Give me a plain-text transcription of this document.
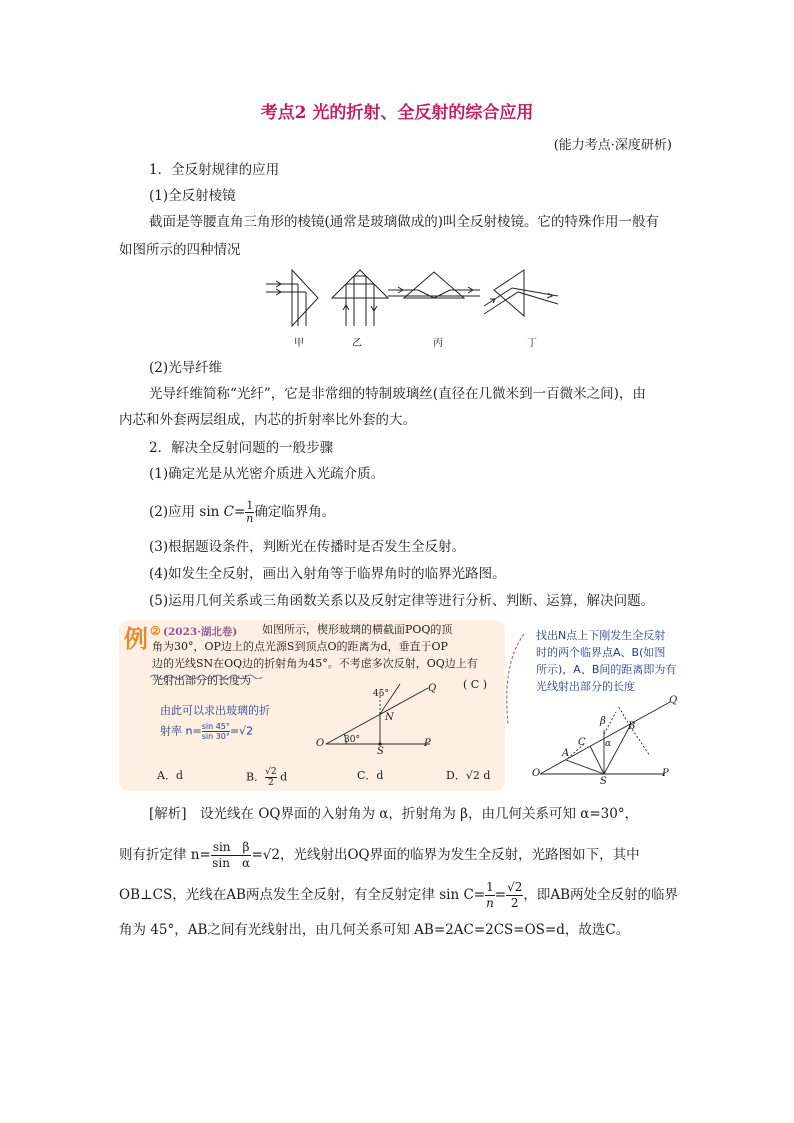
考点2 光的折射、全反射的综合应用
(能力考点·深度研析)
1．全反射规律的应用
(1)全反射棱镜
截面是等腰直角三角形的棱镜(通常是玻璃做成的)叫全反射棱镜。它的特殊作用一般有
如图所示的四种情况
甲	乙	丙	丁
(2)光导纤维
光导纤维简称“光纤”，它是非常细的特制玻璃丝(直径在几微米到一百微米之间)，由
内芯和外套两层组成，内芯的折射率比外套的大。
2．解决全反射问题的一般步骤
(1)确定光是从光密介质进入光疏介质。
(2)应用 $\sin C= \frac{1}{n}$ 确定临界角。
(3)根据题设条件，判断光在传播时是否发生全反射。
(4)如发生全反射，画出入射角等于临界角时的临界光路图。
(5)运用几何关系或三角函数关系以及反射定律等进行分析、判断、运算，解决问题。
例 ② (2023·湖北卷) 如图所示，楔形玻璃的横截面POQ的顶
角为30°，OP边上的点光源S到顶点O的距离为d，垂直于OP
边的光线SN在OQ边的折射角为45°。不考虑多次反射，OQ边上有
光射出部分的长度为	( C )
由此可以求出玻璃的折
射率 $n= \frac{\sin 45^\circ}{\sin 30^\circ} =√2$
45°
30°
Q
N
O
S
P
A．d	B． $\frac{√2}{2}$ d	C．d	D．√2 d
找出N点上下刚发生全反射
时的两个临界点A、B(如图
所示)，A、B间的距离即为有
光线射出部分的长度
Q
β B
α
C
A
O
S
P
[解析]　设光线在 OQ界面的入射角为 α，折射角为 β，由几何关系可知 α=30°，
则有折定律 $n= \frac{\text{sin　β}}{\text{sin　α}} =√2$，光线射出OQ界面的临界为发生全反射，光路图如下，其中
OB⊥CS，光线在AB两点发生全反射，有全反射定律 $\sin C= \frac{1}{n} = \frac{√2}{2}$ ，即AB两处全反射的临界
角为 45°，AB之间有光线射出，由几何关系可知 AB=2AC=2CS=OS=d，故选C。
